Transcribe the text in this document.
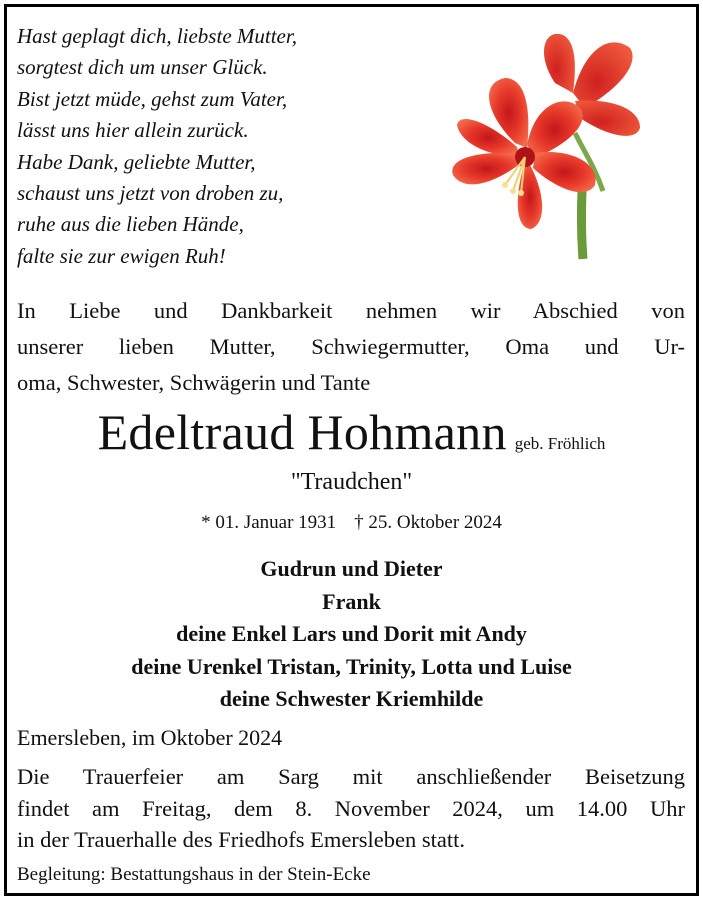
Hast geplagt dich, liebste Mutter,
sorgtest dich um unser Glück.
Bist jetzt müde, gehst zum Vater,
lässt uns hier allein zurück.
Habe Dank, geliebte Mutter,
schaust uns jetzt von droben zu,
ruhe aus die lieben Hände,
falte sie zur ewigen Ruh!
In Liebe und Dankbarkeit nehmen wir Abschied von
unserer lieben Mutter, Schwiegermutter, Oma und Ur-
oma, Schwester, Schwägerin und Tante
Edeltraud Hohmann geb. Fröhlich
"Traudchen"
* 01. Januar 1931 † 25. Oktober 2024
Gudrun und Dieter
Frank
deine Enkel Lars und Dorit mit Andy
deine Urenkel Tristan, Trinity, Lotta und Luise
deine Schwester Kriemhilde
Emersleben, im Oktober 2024
Die Trauerfeier am Sarg mit anschließender Beisetzung
findet am Freitag, dem 8. November 2024, um 14.00 Uhr
in der Trauerhalle des Friedhofs Emersleben statt.
Begleitung: Bestattungshaus in der Stein-Ecke
